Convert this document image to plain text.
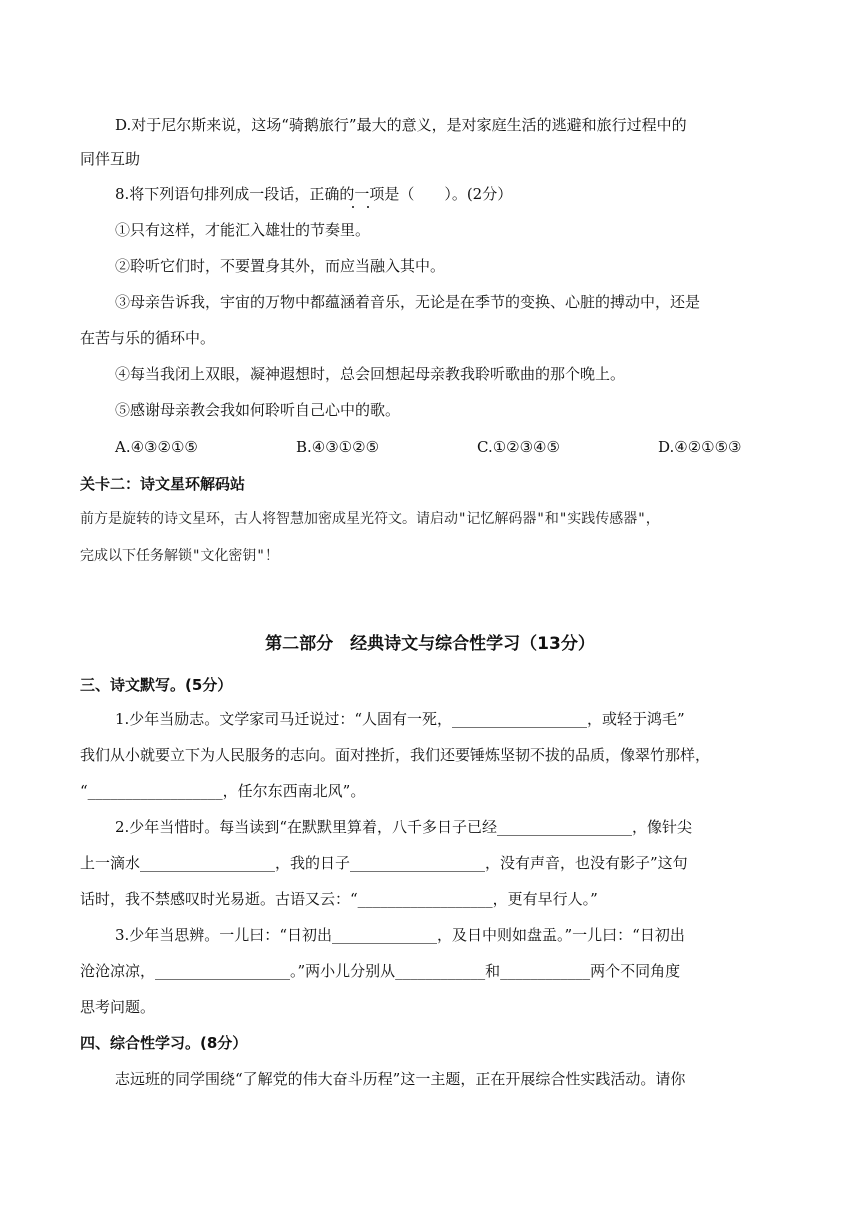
D.对于尼尔斯来说，这场“骑鹅旅行”最大的意义，是对家庭生活的逃避和旅行过程中的
同伴互助
8.将下列语句排列成一段话，正确的一项是（　　）。(2分）
①只有这样，才能汇入雄壮的节奏里。
②聆听它们时，不要置身其外，而应当融入其中。
③母亲告诉我，宇宙的万物中都蕴涵着音乐，无论是在季节的变换、心脏的搏动中，还是
在苦与乐的循环中。
④每当我闭上双眼，凝神遐想时，总会回想起母亲教我聆听歌曲的那个晚上。
⑤感谢母亲教会我如何聆听自己心中的歌。
A.④③②①⑤	B.④③①②⑤	C.①②③④⑤	D.④②①⑤③
关卡二：诗文星环解码站
前方是旋转的诗文星环，古人将智慧加密成星光符文。请启动"记忆解码器"和"实践传感器"，
完成以下任务解锁"文化密钥"！
第二部分　经典诗文与综合性学习（13分）
三、诗文默写。(5分）
1.少年当励志。文学家司马迁说过：“人固有一死，__________________，或轻于鸿毛”
我们从小就要立下为人民服务的志向。面对挫折，我们还要锤炼坚韧不拔的品质，像翠竹那样，
“__________________，任尔东西南北风”。
2.少年当惜时。每当读到“在默默里算着，八千多日子已经__________________，像针尖
上一滴水__________________，我的日子__________________，没有声音，也没有影子”这句
话时，我不禁感叹时光易逝。古语又云：“__________________，更有早行人。”
3.少年当思辨。一儿曰：“日初出______________，及日中则如盘盂。”一儿曰：“日初出
沧沧凉凉，__________________。”两小儿分别从____________和____________两个不同角度
思考问题。
四、综合性学习。(8分）
志远班的同学围绕“了解党的伟大奋斗历程”这一主题，正在开展综合性实践活动。请你
